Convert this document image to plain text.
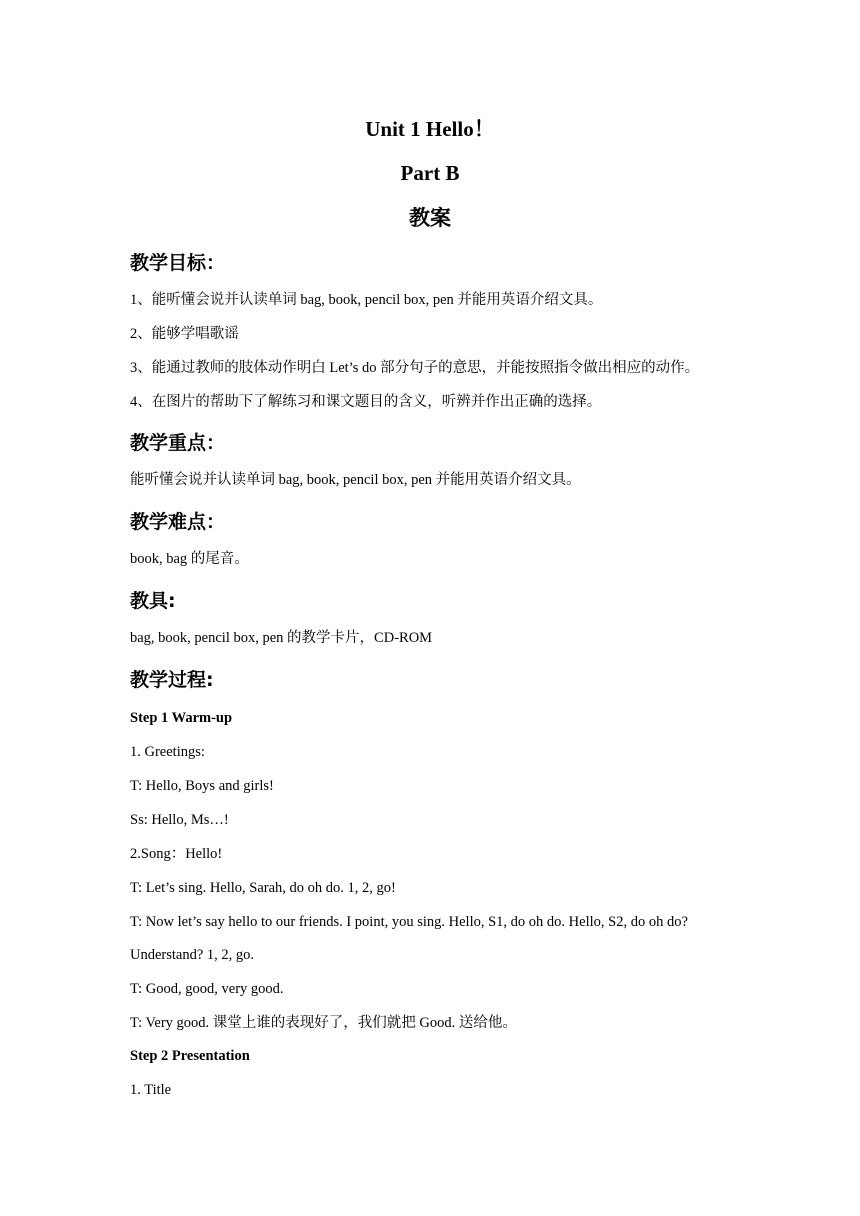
Unit 1 Hello！
Part B
教案
教学目标：
1、能听懂会说并认读单词 bag, book, pencil box, pen 并能用英语介绍文具。
2、能够学唱歌谣
3、能通过教师的肢体动作明白 Let’s do 部分句子的意思，并能按照指令做出相应的动作。
4、在图片的帮助下了解练习和课文题目的含义，听辨并作出正确的选择。
教学重点：
能听懂会说并认读单词 bag, book, pencil box, pen 并能用英语介绍文具。
教学难点：
book, bag 的尾音。
教具:
bag, book, pencil box, pen 的教学卡片，CD-ROM
教学过程:
Step 1 Warm-up
1. Greetings:
T: Hello, Boys and girls!
Ss: Hello, Ms…!
2.Song：Hello!
T: Let’s sing. Hello, Sarah, do oh do. 1, 2, go!
T: Now let’s say hello to our friends. I point, you sing. Hello, S1, do oh do. Hello, S2, do oh do?
Understand? 1, 2, go.
T: Good, good, very good.
T: Very good. 课堂上谁的表现好了，我们就把 Good. 送给他。
Step 2 Presentation
1. Title
